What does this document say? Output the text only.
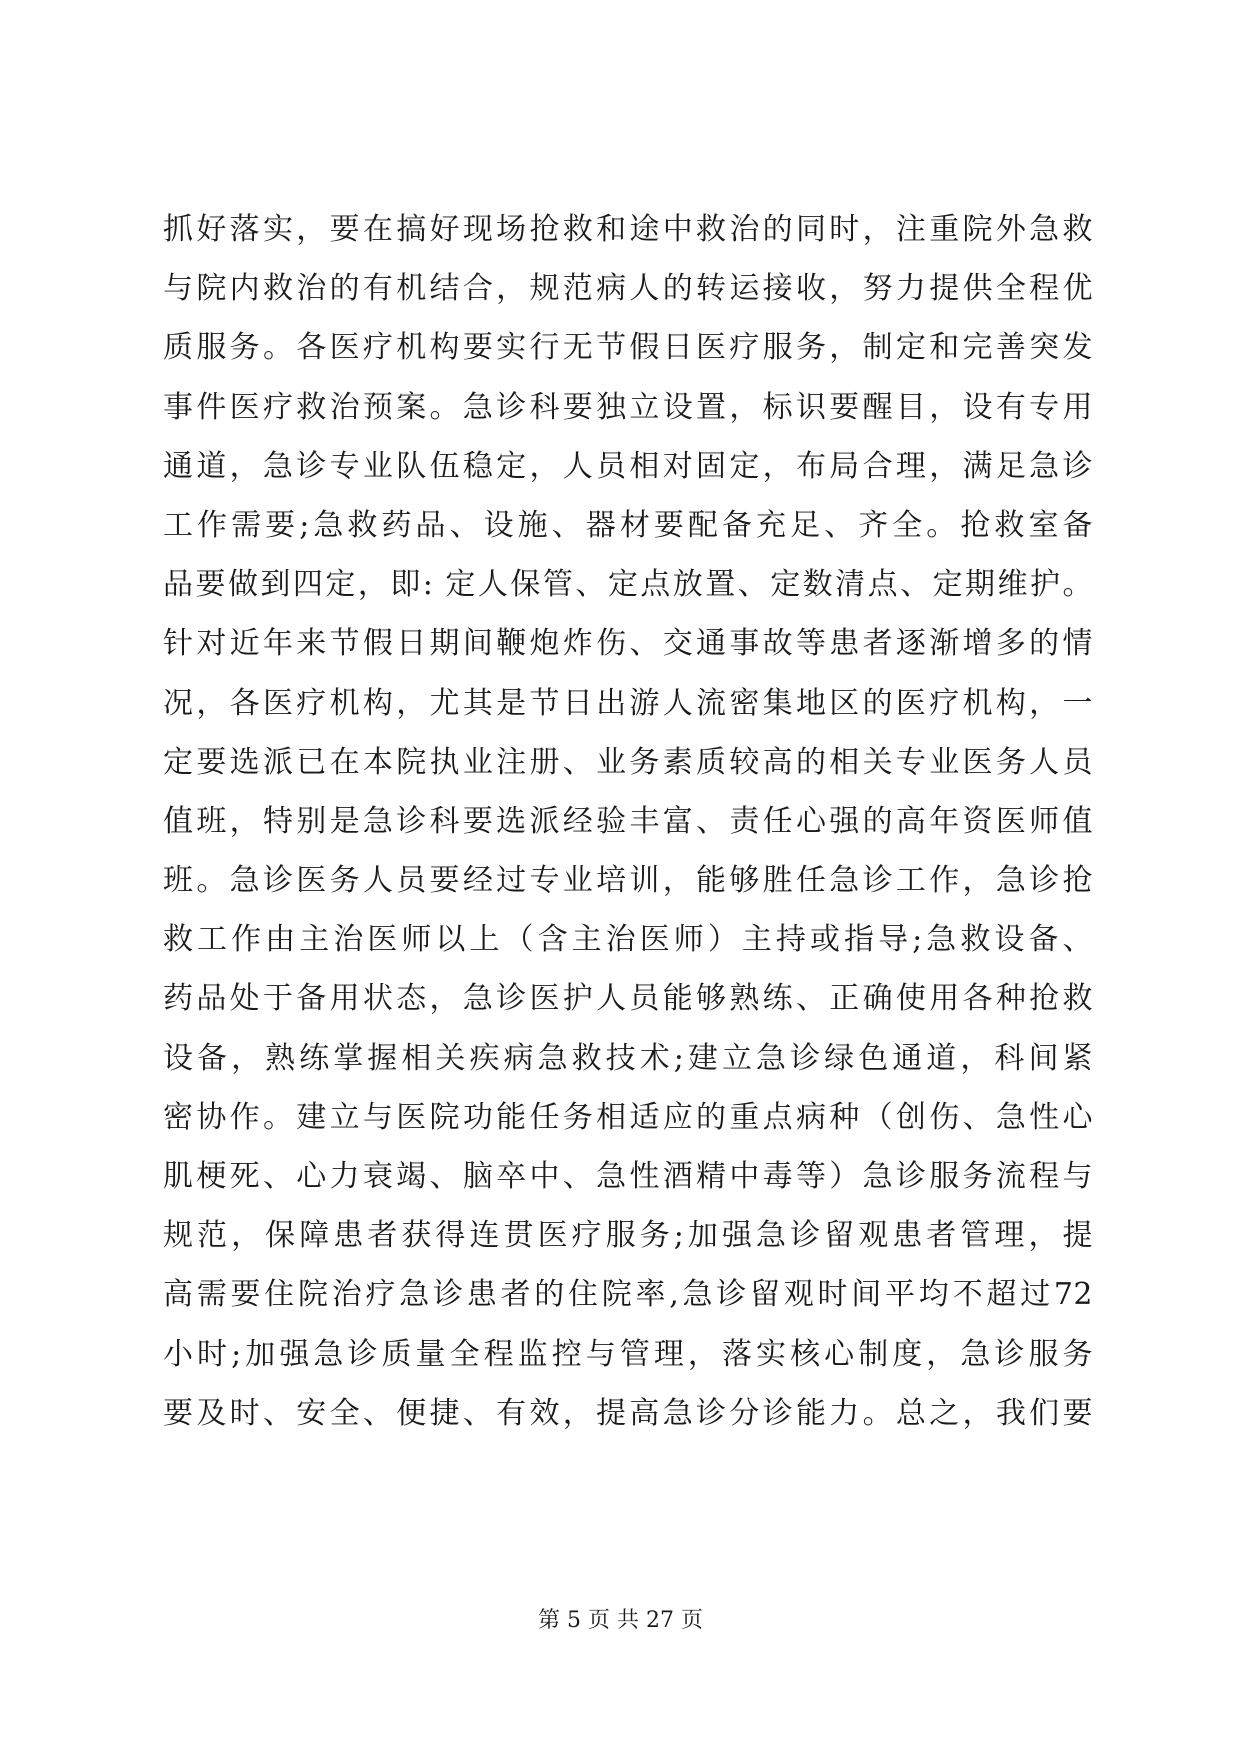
抓好落实，要在搞好现场抢救和途中救治的同时，注重院外急救
与院内救治的有机结合，规范病人的转运接收，努力提供全程优
质服务。各医疗机构要实行无节假日医疗服务，制定和完善突发
事件医疗救治预案。急诊科要独立设置，标识要醒目，设有专用
通道，急诊专业队伍稳定，人员相对固定，布局合理，满足急诊
工作需要;急救药品、设施、器材要配备充足、齐全。抢救室备
品要做到四定，即: 定人保管、定点放置、定数清点、定期维护。
针对近年来节假日期间鞭炮炸伤、交通事故等患者逐渐增多的情
况，各医疗机构，尤其是节日出游人流密集地区的医疗机构，一
定要选派已在本院执业注册、业务素质较高的相关专业医务人员
值班，特别是急诊科要选派经验丰富、责任心强的高年资医师值
班。急诊医务人员要经过专业培训，能够胜任急诊工作，急诊抢
救工作由主治医师以上（含主治医师）主持或指导;急救设备、
药品处于备用状态，急诊医护人员能够熟练、正确使用各种抢救
设备，熟练掌握相关疾病急救技术;建立急诊绿色通道，科间紧
密协作。建立与医院功能任务相适应的重点病种（创伤、急性心
肌梗死、心力衰竭、脑卒中、急性酒精中毒等）急诊服务流程与
规范，保障患者获得连贯医疗服务;加强急诊留观患者管理，提
高需要住院治疗急诊患者的住院率,急诊留观时间平均不超过72
小时;加强急诊质量全程监控与管理，落实核心制度，急诊服务
要及时、安全、便捷、有效，提高急诊分诊能力。总之，我们要
第 5 页 共 27 页
